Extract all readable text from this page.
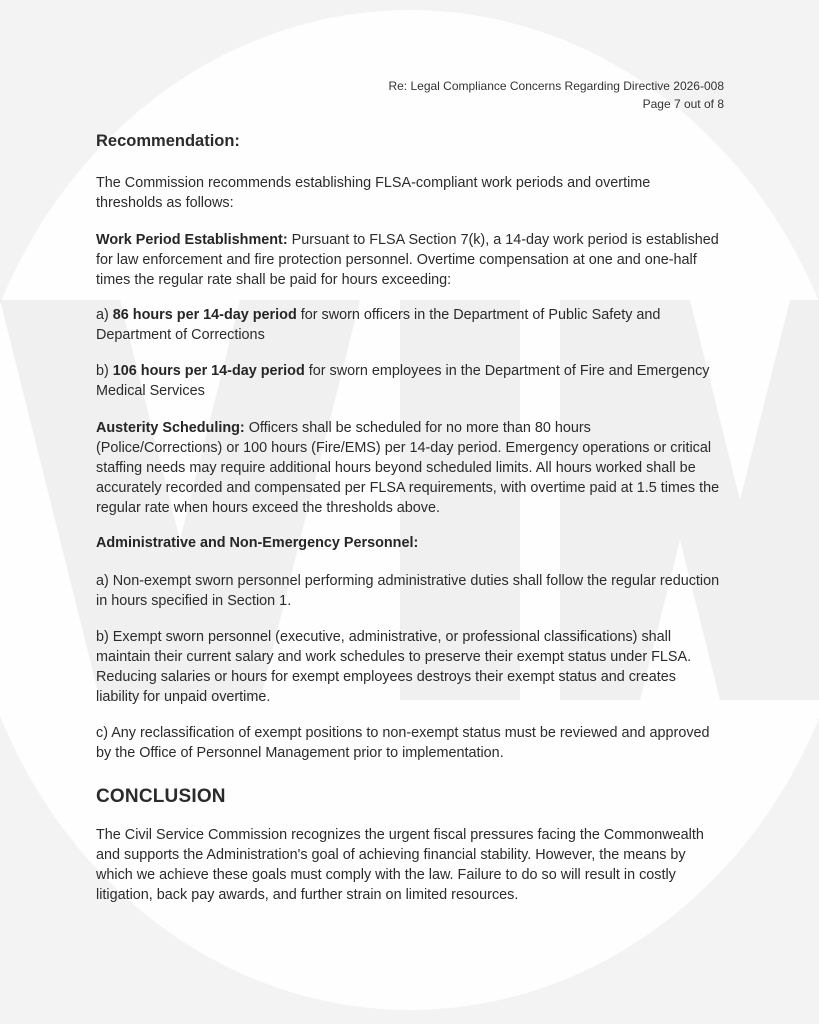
Re: Legal Compliance Concerns Regarding Directive 2026-008
Page 7 out of 8
Recommendation:

The Commission recommends establishing FLSA-compliant work periods and overtime thresholds as follows:

Work Period Establishment: Pursuant to FLSA Section 7(k), a 14-day work period is established for law enforcement and fire protection personnel. Overtime compensation at one and one-half times the regular rate shall be paid for hours exceeding:

a) 86 hours per 14-day period for sworn officers in the Department of Public Safety and Department of Corrections

b) 106 hours per 14-day period for sworn employees in the Department of Fire and Emergency Medical Services

Austerity Scheduling: Officers shall be scheduled for no more than 80 hours (Police/Corrections) or 100 hours (Fire/EMS) per 14-day period. Emergency operations or critical staffing needs may require additional hours beyond scheduled limits. All hours worked shall be accurately recorded and compensated per FLSA requirements, with overtime paid at 1.5 times the regular rate when hours exceed the thresholds above.

Administrative and Non-Emergency Personnel:

a) Non-exempt sworn personnel performing administrative duties shall follow the regular reduction in hours specified in Section 1.

b) Exempt sworn personnel (executive, administrative, or professional classifications) shall maintain their current salary and work schedules to preserve their exempt status under FLSA. Reducing salaries or hours for exempt employees destroys their exempt status and creates liability for unpaid overtime.

c) Any reclassification of exempt positions to non-exempt status must be reviewed and approved by the Office of Personnel Management prior to implementation.

CONCLUSION

The Civil Service Commission recognizes the urgent fiscal pressures facing the Commonwealth and supports the Administration's goal of achieving financial stability. However, the means by which we achieve these goals must comply with the law. Failure to do so will result in costly litigation, back pay awards, and further strain on limited resources.
